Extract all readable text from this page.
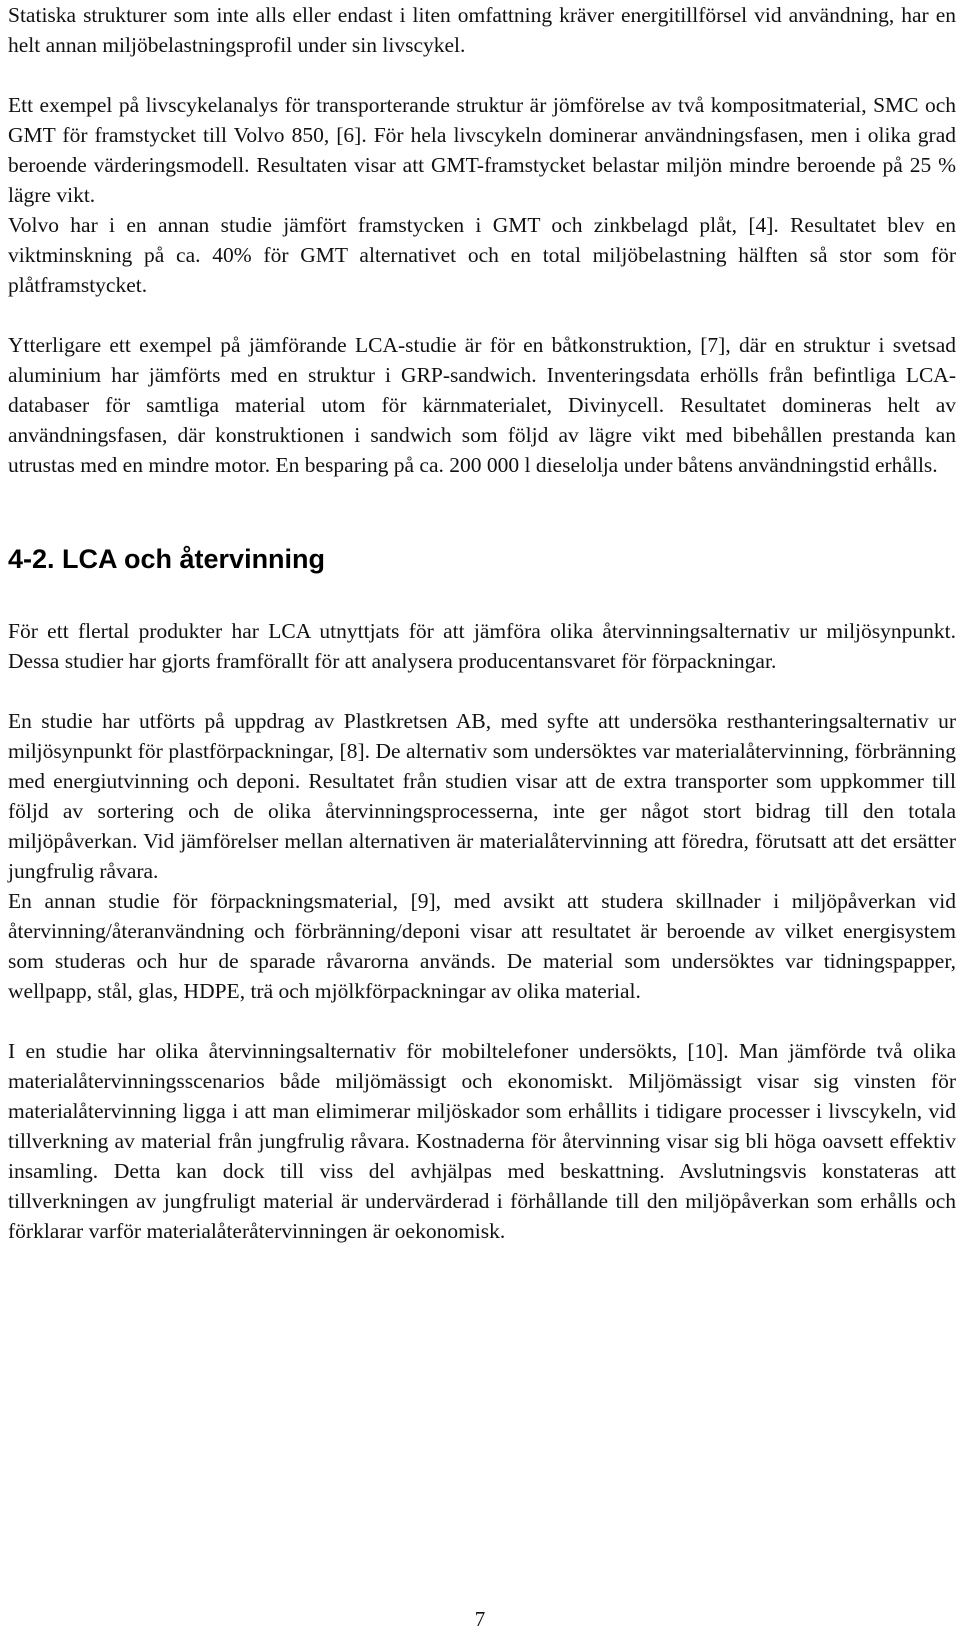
Statiska strukturer som inte alls eller endast i liten omfattning kräver energitillförsel vid användning, har en helt annan miljöbelastningsprofil under sin livscykel.

Ett exempel på livscykelanalys för transporterande struktur är jömförelse av två kompositmaterial, SMC och GMT för framstycket till Volvo 850, [6]. För hela livscykeln dominerar användningsfasen, men i olika grad beroende värderingsmodell. Resultaten visar att GMT-framstycket belastar miljön mindre beroende på 25 % lägre vikt.

Volvo har i en annan studie jämfört framstycken i GMT och zinkbelagd plåt, [4]. Resultatet blev en viktminskning på ca. 40% för GMT alternativet och en total miljöbelastning hälften så stor som för plåtframstycket.

Ytterligare ett exempel på jämförande LCA-studie är för en båtkonstruktion, [7], där en struktur i svetsad aluminium har jämförts med en struktur i GRP-sandwich. Inventeringsdata erhölls från befintliga LCA-databaser för samtliga material utom för kärnmaterialet, Divinycell. Resultatet domineras helt av användningsfasen, där konstruktionen i sandwich som följd av lägre vikt med bibehållen prestanda kan utrustas med en mindre motor. En besparing på ca. 200 000 l dieselolja under båtens användningstid erhålls.

4-2. LCA och återvinning

För ett flertal produkter har LCA utnyttjats för att jämföra olika återvinningsalternativ ur miljösynpunkt. Dessa studier har gjorts framförallt för att analysera producentansvaret för förpackningar.

En studie har utförts på uppdrag av Plastkretsen AB, med syfte att undersöka resthanteringsalternativ ur miljösynpunkt för plastförpackningar, [8]. De alternativ som undersöktes var materialåtervinning, förbränning med energiutvinning och deponi. Resultatet från studien visar att de extra transporter som uppkommer till följd av sortering och de olika återvinningsprocesserna, inte ger något stort bidrag till den totala miljöpåverkan. Vid jämförelser mellan alternativen är materialåtervinning att föredra, förutsatt att det ersätter jungfrulig råvara.

En annan studie för förpackningsmaterial, [9], med avsikt att studera skillnader i miljöpåverkan vid återvinning/återanvändning och förbränning/deponi visar att resultatet är beroende av vilket energisystem som studeras och hur de sparade råvarorna används. De material som undersöktes var tidningspapper, wellpapp, stål, glas, HDPE, trä och mjölkförpackningar av olika material.

I en studie har olika återvinningsalternativ för mobiltelefoner undersökts, [10]. Man jämförde två olika materialåtervinningsscenarios både miljömässigt och ekonomiskt. Miljömässigt visar sig vinsten för materialåtervinning ligga i att man elimimerar miljöskador som erhållits i tidigare processer i livscykeln, vid tillverkning av material från jungfrulig råvara. Kostnaderna för återvinning visar sig bli höga oavsett effektiv insamling. Detta kan dock till viss del avhjälpas med beskattning. Avslutningsvis konstateras att tillverkningen av jungfruligt material är undervärderad i förhållande till den miljöpåverkan som erhålls och förklarar varför materialåteråtervinningen är oekonomisk.

7
